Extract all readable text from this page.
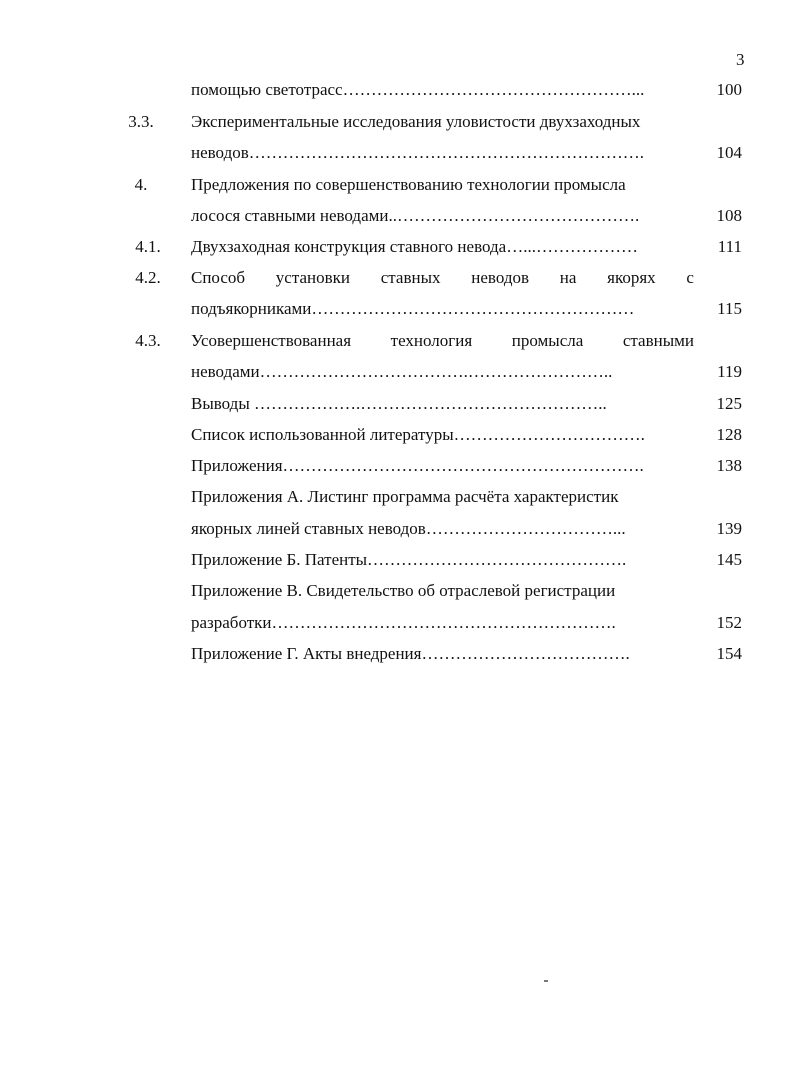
3
помощью светотрасс……………………………………………...	100
3.3.	Экспериментальные исследования уловистости двухзаходных
неводов…………………………………………………………….	104
4.	Предложения по совершенствованию технологии промысла
лосося ставными неводами..…………………………………….	108
4.1.	Двухзаходная конструкция ставного невода…...………………	111
4.2.	Способ установки ставных неводов на якорях с
подъякорниками…………………………………………………	115
4.3.	Усовершенствованная технология промысла ставными
неводами……………………………….……………………..	119
Выводы ……………….……………………………………..	125
Список использованной литературы…………………………….	128
Приложения……………………………………………………….	138
Приложения А. Листинг программа расчёта характеристик
якорных линей ставных неводов……………………………...	139
Приложение Б. Патенты……………………………………….	145
Приложение В. Свидетельство об отраслевой регистрации
разработки…………………………………………………….	152
Приложение Г. Акты внедрения……………………………….	154
